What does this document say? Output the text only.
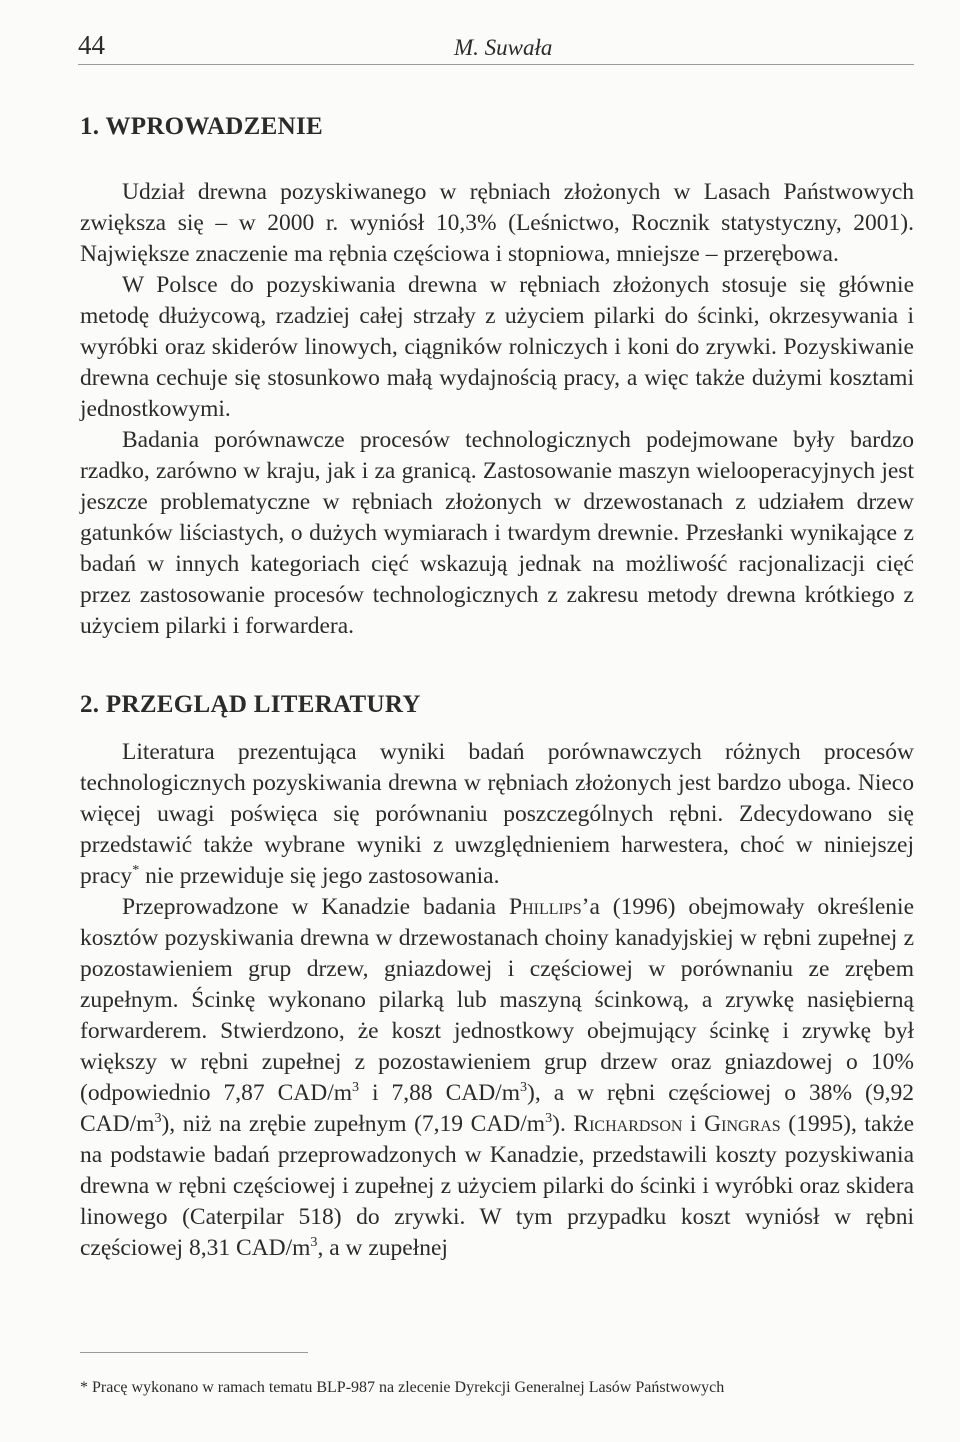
44	M. Suwała
1. WPROWADZENIE

Udział drewna pozyskiwanego w rębniach złożonych w Lasach Państwowych zwiększa się – w 2000 r. wyniósł 10,3% (Leśnictwo, Rocznik statystyczny, 2001). Największe znaczenie ma rębnia częściowa i stopniowa, mniejsze – przerębowa.

W Polsce do pozyskiwania drewna w rębniach złożonych stosuje się głównie metodę dłużycową, rzadziej całej strzały z użyciem pilarki do ścinki, okrzesywania i wyróbki oraz skiderów linowych, ciągników rolniczych i koni do zrywki. Pozyskiwanie drewna cechuje się stosunkowo małą wydajnością pracy, a więc także dużymi kosztami jednostkowymi.

Badania porównawcze procesów technologicznych podejmowane były bardzo rzadko, zarówno w kraju, jak i za granicą. Zastosowanie maszyn wielooperacyjnych jest jeszcze problematyczne w rębniach złożonych w drzewostanach z udziałem drzew gatunków liściastych, o dużych wymiarach i twardym drewnie. Przesłanki wynikające z badań w innych kategoriach cięć wskazują jednak na możliwość racjonalizacji cięć przez zastosowanie procesów technologicznych z zakresu metody drewna krótkiego z użyciem pilarki i forwardera.

2. PRZEGLĄD LITERATURY

Literatura prezentująca wyniki badań porównawczych różnych procesów technologicznych pozyskiwania drewna w rębniach złożonych jest bardzo uboga. Nieco więcej uwagi poświęca się porównaniu poszczególnych rębni. Zdecydowano się przedstawić także wybrane wyniki z uwzględnieniem harwestera, choć w niniejszej pracy* nie przewiduje się jego zastosowania.

Przeprowadzone w Kanadzie badania Phillips’a (1996) obejmowały określenie kosztów pozyskiwania drewna w drzewostanach choiny kanadyjskiej w rębni zupełnej z pozostawieniem grup drzew, gniazdowej i częściowej w porównaniu ze zrębem zupełnym. Ścinkę wykonano pilarką lub maszyną ścinkową, a zrywkę nasiębierną forwarderem. Stwierdzono, że koszt jednostkowy obejmujący ścinkę i zrywkę był większy w rębni zupełnej z pozostawieniem grup drzew oraz gniazdowej o 10% (odpowiednio 7,87 CAD/$m^3$ i 7,88 CAD/$m^3$), a w rębni częściowej o 38% (9,92 CAD/$m^3$), niż na zrębie zupełnym (7,19 CAD/$m^3$). Richardson i Gingras (1995), także na podstawie badań przeprowadzonych w Kanadzie, przedstawili koszty pozyskiwania drewna w rębni częściowej i zupełnej z użyciem pilarki do ścinki i wyróbki oraz skidera linowego (Caterpilar 518) do zrywki. W tym przypadku koszt wyniósł w rębni częściowej 8,31 CAD/$m^3$, a w zupełnej

* Pracę wykonano w ramach tematu BLP-987 na zlecenie Dyrekcji Generalnej Lasów Państwowych
